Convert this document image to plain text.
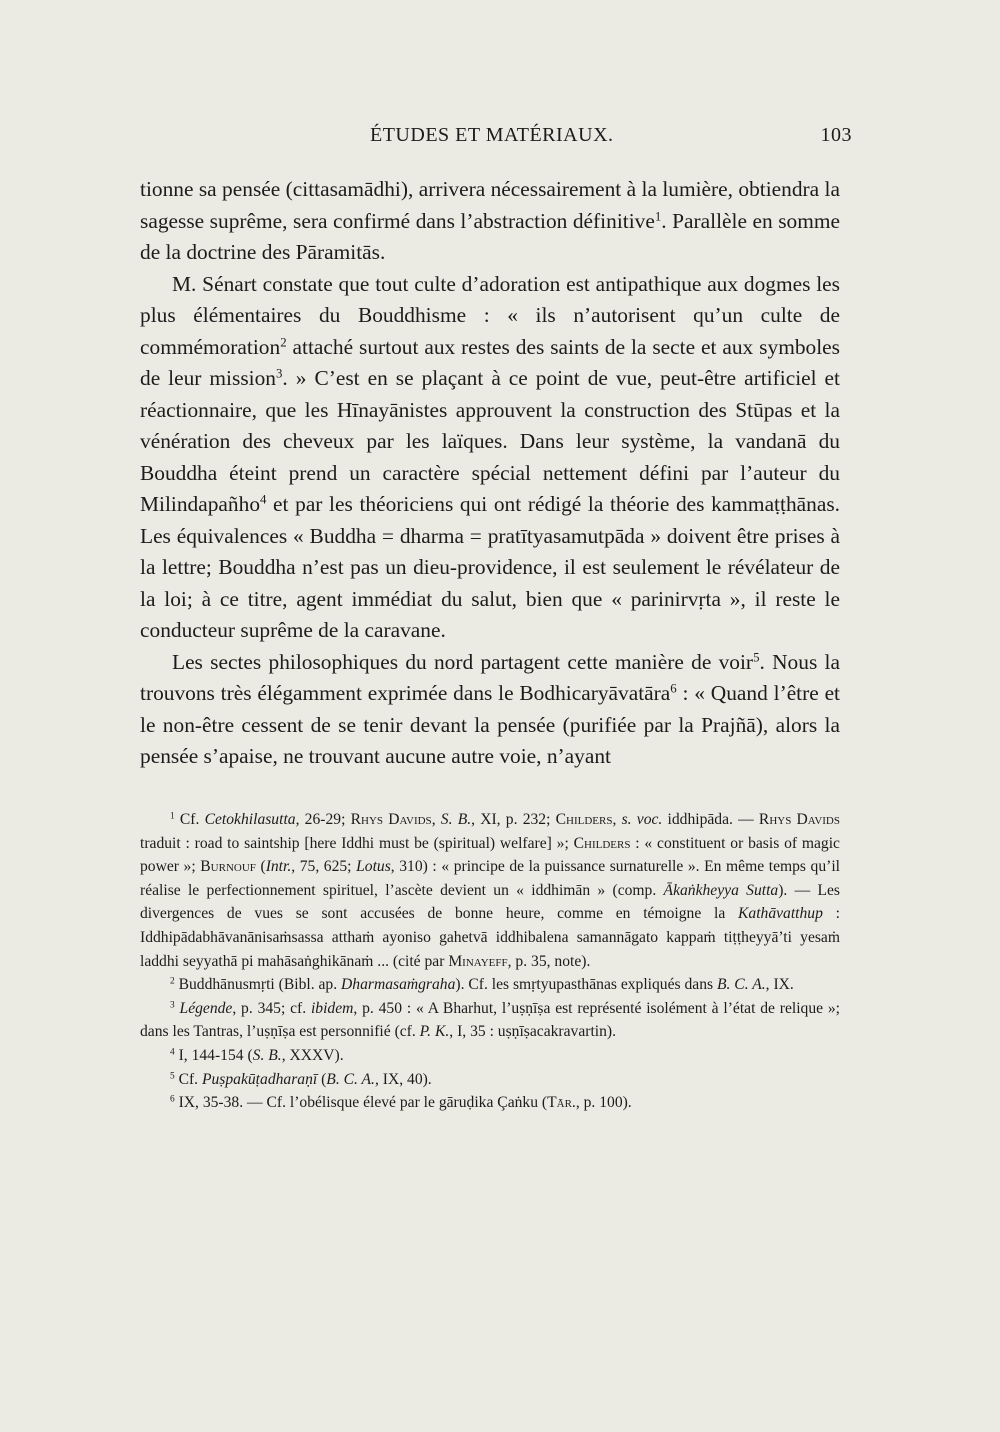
ÉTUDES ET MATÉRIAUX.	103

tionne sa pensée (cittasamādhi), arrivera nécessairement à la lumière, obtiendra la sagesse suprême, sera confirmé dans l’abstraction définitive$^1$. Parallèle en somme de la doctrine des Pāramitās.

M. Sénart constate que tout culte d’adoration est antipathique aux dogmes les plus élémentaires du Bouddhisme : « ils n’autorisent qu’un culte de commémoration$^2$ attaché surtout aux restes des saints de la secte et aux symboles de leur mission$^3$. » C’est en se plaçant à ce point de vue, peut-être artificiel et réactionnaire, que les Hīnayānistes approuvent la construction des Stūpas et la vénération des cheveux par les laïques. Dans leur système, la vandanā du Bouddha éteint prend un caractère spécial nettement défini par l’auteur du Milindapañho$^4$ et par les théoriciens qui ont rédigé la théorie des kammaṭṭhānas. Les équivalences « Buddha = dharma = pratītyasamutpāda » doivent être prises à la lettre; Bouddha n’est pas un dieu-providence, il est seulement le révélateur de la loi; à ce titre, agent immédiat du salut, bien que « parinirvṛta », il reste le conducteur suprême de la caravane.

Les sectes philosophiques du nord partagent cette manière de voir$^5$. Nous la trouvons très élégamment exprimée dans le Bodhicaryāvatāra$^6$ : « Quand l’être et le non-être cessent de se tenir devant la pensée (purifiée par la Prajñā), alors la pensée s’apaise, ne trouvant aucune autre voie, n’ayant

$^1$ Cf. Cetokhilasutta, 26-29; Rhys Davids, S. B., XI, p. 232; Childers, s. voc. iddhipāda. — Rhys Davids traduit : road to saintship [here Iddhi must be (spiritual) welfare] »; Childers : « constituent or basis of magic power »; Burnouf (Intr., 75, 625; Lotus, 310) : « principe de la puissance surnaturelle ». En même temps qu’il réalise le perfectionnement spirituel, l’ascète devient un « iddhimān » (comp. Ākaṅkheyya Sutta). — Les divergences de vues se sont accusées de bonne heure, comme en témoigne la Kathāvatthup : Iddhipādabhāvanānisaṁsassa atthaṁ ayoniso gahetvā iddhibalena samannāgato kappaṁ tiṭṭheyyā’ti yesaṁ laddhi seyyathā pi mahāsaṅghikānaṁ ... (cité par Minayeff, p. 35, note).

$^2$ Buddhānusmṛti (Bibl. ap. Dharmasaṁgraha). Cf. les smṛtyupasthānas expliqués dans B. C. A., IX.

$^3$ Légende, p. 345; cf. ibidem, p. 450 : « A Bharhut, l’uṣṇīṣa est représenté isolément à l’état de relique »; dans les Tantras, l’uṣṇīṣa est personnifié (cf. P. K., I, 35 : uṣṇīṣacakravartin).

$^4$ I, 144-154 (S. B., XXXV).

$^5$ Cf. Puṣpakūṭadharaṇī (B. C. A., IX, 40).

$^6$ IX, 35-38. — Cf. l’obélisque élevé par le gāruḍika Çaṅku (Tār., p. 100).
